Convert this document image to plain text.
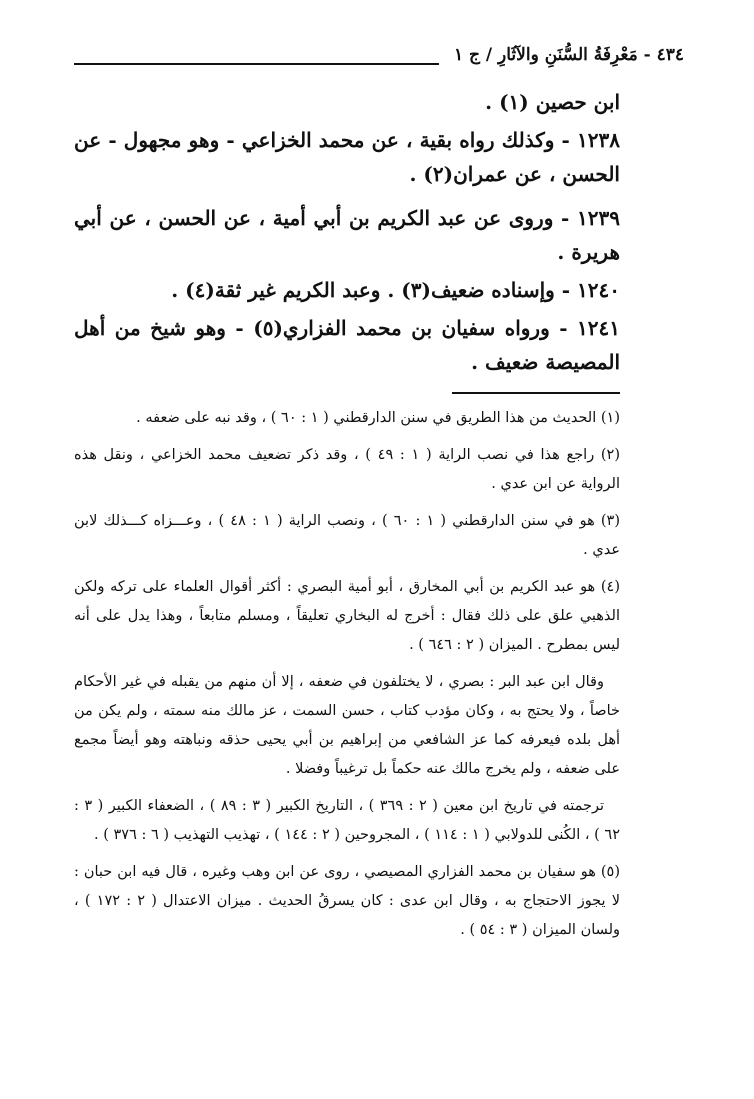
٤٣٤ - مَعْرِفَةُ السُّنَنِ والآثَارِ / ج ١

ابن حصين (١) .

١٢٣٨ - وكذلك رواه بقية ، عن محمد الخزاعي - وهو مجهول - عن الحسن ، عن عمران(٢) .

١٢٣٩ - وروى عن عبد الكريم بن أبي أمية ، عن الحسن ، عن أبي هريرة .

١٢٤٠ - وإسناده ضعيف(٣) . وعبد الكريم غير ثقة(٤) .

١٢٤١ - ورواه سفيان بن محمد الفزاري(٥) - وهو شيخ من أهل المصيصة ضعيف .

(١) الحديث من هذا الطريق في سنن الدارقطني ( ١ : ٦٠ ) ، وقد نبه على ضعفه .

(٢) راجع هذا في نصب الراية ( ١ : ٤٩ ) ، وقد ذكر تضعيف محمد الخزاعي ، ونقل هذه الرواية عن ابن عدي .

(٣) هو في سنن الدارقطني ( ١ : ٦٠ ) ، ونصب الراية ( ١ : ٤٨ ) ، وعـــزاه كـــذلك لابن عدي .

(٤) هو عبد الكريم بن أبي المخارق ، أبو أمية البصري : أكثر أقوال العلماء على تركه ولكن الذهبي علق على ذلك فقال : أخرج له البخاري تعليقاً ، ومسلم متابعاً ، وهذا يدل على أنه ليس بمطرح . الميزان ( ٢ : ٦٤٦ ) .

وقال ابن عبد البر : بصري ، لا يختلفون في ضعفه ، إلا أن منهم من يقبله في غير الأحكام خاصاً ، ولا يحتج به ، وكان مؤدب كتاب ، حسن السمت ، عز مالك منه سمته ، ولم يكن من أهل بلده فيعرفه كما عز الشافعي من إبراهيم بن أبي يحيى حذقه ونباهته وهو أيضاً مجمع على ضعفه ، ولم يخرج مالك عنه حكماً بل ترغيباً وفضلا .

ترجمته في تاريخ ابن معين ( ٢ : ٣٦٩ ) ، التاريخ الكبير ( ٣ : ٨٩ ) ، الضعفاء الكبير ( ٣ : ٦٢ ) ، الكُنى للدولابي ( ١ : ١١٤ ) ، المجروحين ( ٢ : ١٤٤ ) ، تهذيب التهذيب ( ٦ : ٣٧٦ ) .

(٥) هو سفيان بن محمد الفزاري المصيصي ، روى عن ابن وهب وغيره ، قال فيه ابن حبان : لا يجوز الاحتجاج به ، وقال ابن عدى : كان يسرقُ الحديث . ميزان الاعتدال ( ٢ : ١٧٢ ) ، ولسان الميزان ( ٣ : ٥٤ ) .
